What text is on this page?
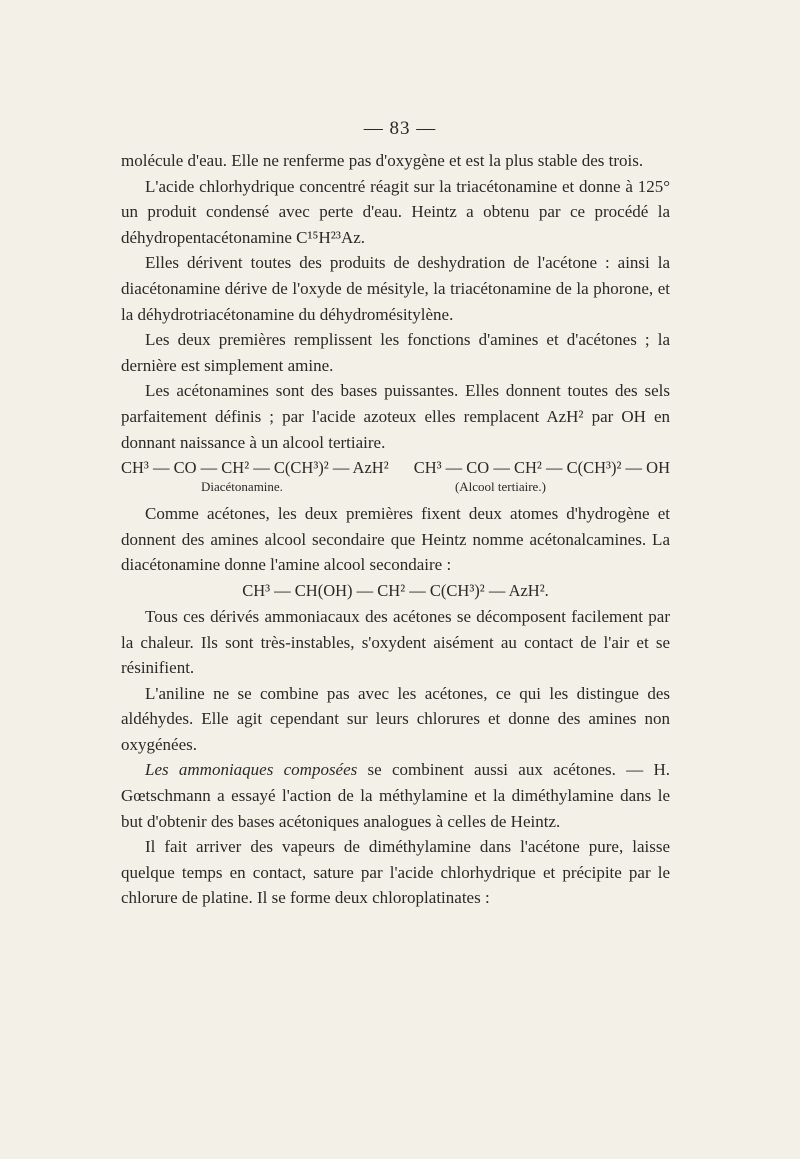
— 83 —

molécule d'eau. Elle ne renferme pas d'oxygène et est la plus stable des trois.

L'acide chlorhydrique concentré réagit sur la triacétonamine et donne à 125° un produit condensé avec perte d'eau. Heintz a obtenu par ce procédé la déhydropentacétonamine C¹⁵H²³Az.

Elles dérivent toutes des produits de deshydration de l'acétone : ainsi la diacétonamine dérive de l'oxyde de mésityle, la triacétonamine de la phorone, et la déhydrotriacétonamine du déhydromésitylène.

Les deux premières remplissent les fonctions d'amines et d'acétones ; la dernière est simplement amine.

Les acétonamines sont des bases puissantes. Elles donnent toutes des sels parfaitement définis ; par l'acide azoteux elles remplacent AzH² par OH en donnant naissance à un alcool tertiaire.

CH³ — CO — CH² — C(CH³)² — AzH² CH³ — CO — CH² — C(CH³)² — OH
Diacétonamine.	(Alcool tertiaire.)

Comme acétones, les deux premières fixent deux atomes d'hydrogène et donnent des amines alcool secondaire que Heintz nomme acétonalcamines. La diacétonamine donne l'amine alcool secondaire :

CH³ — CH(OH) — CH² — C(CH³)² — AzH².

Tous ces dérivés ammoniacaux des acétones se décomposent facilement par la chaleur. Ils sont très-instables, s'oxydent aisément au contact de l'air et se résinifient.

L'aniline ne se combine pas avec les acétones, ce qui les distingue des aldéhydes. Elle agit cependant sur leurs chlorures et donne des amines non oxygénées.

Les ammoniaques composées se combinent aussi aux acétones. — H. Gœtschmann a essayé l'action de la méthylamine et la diméthylamine dans le but d'obtenir des bases acétoniques analogues à celles de Heintz.

Il fait arriver des vapeurs de diméthylamine dans l'acétone pure, laisse quelque temps en contact, sature par l'acide chlorhydrique et précipite par le chlorure de platine. Il se forme deux chloroplatinates :
